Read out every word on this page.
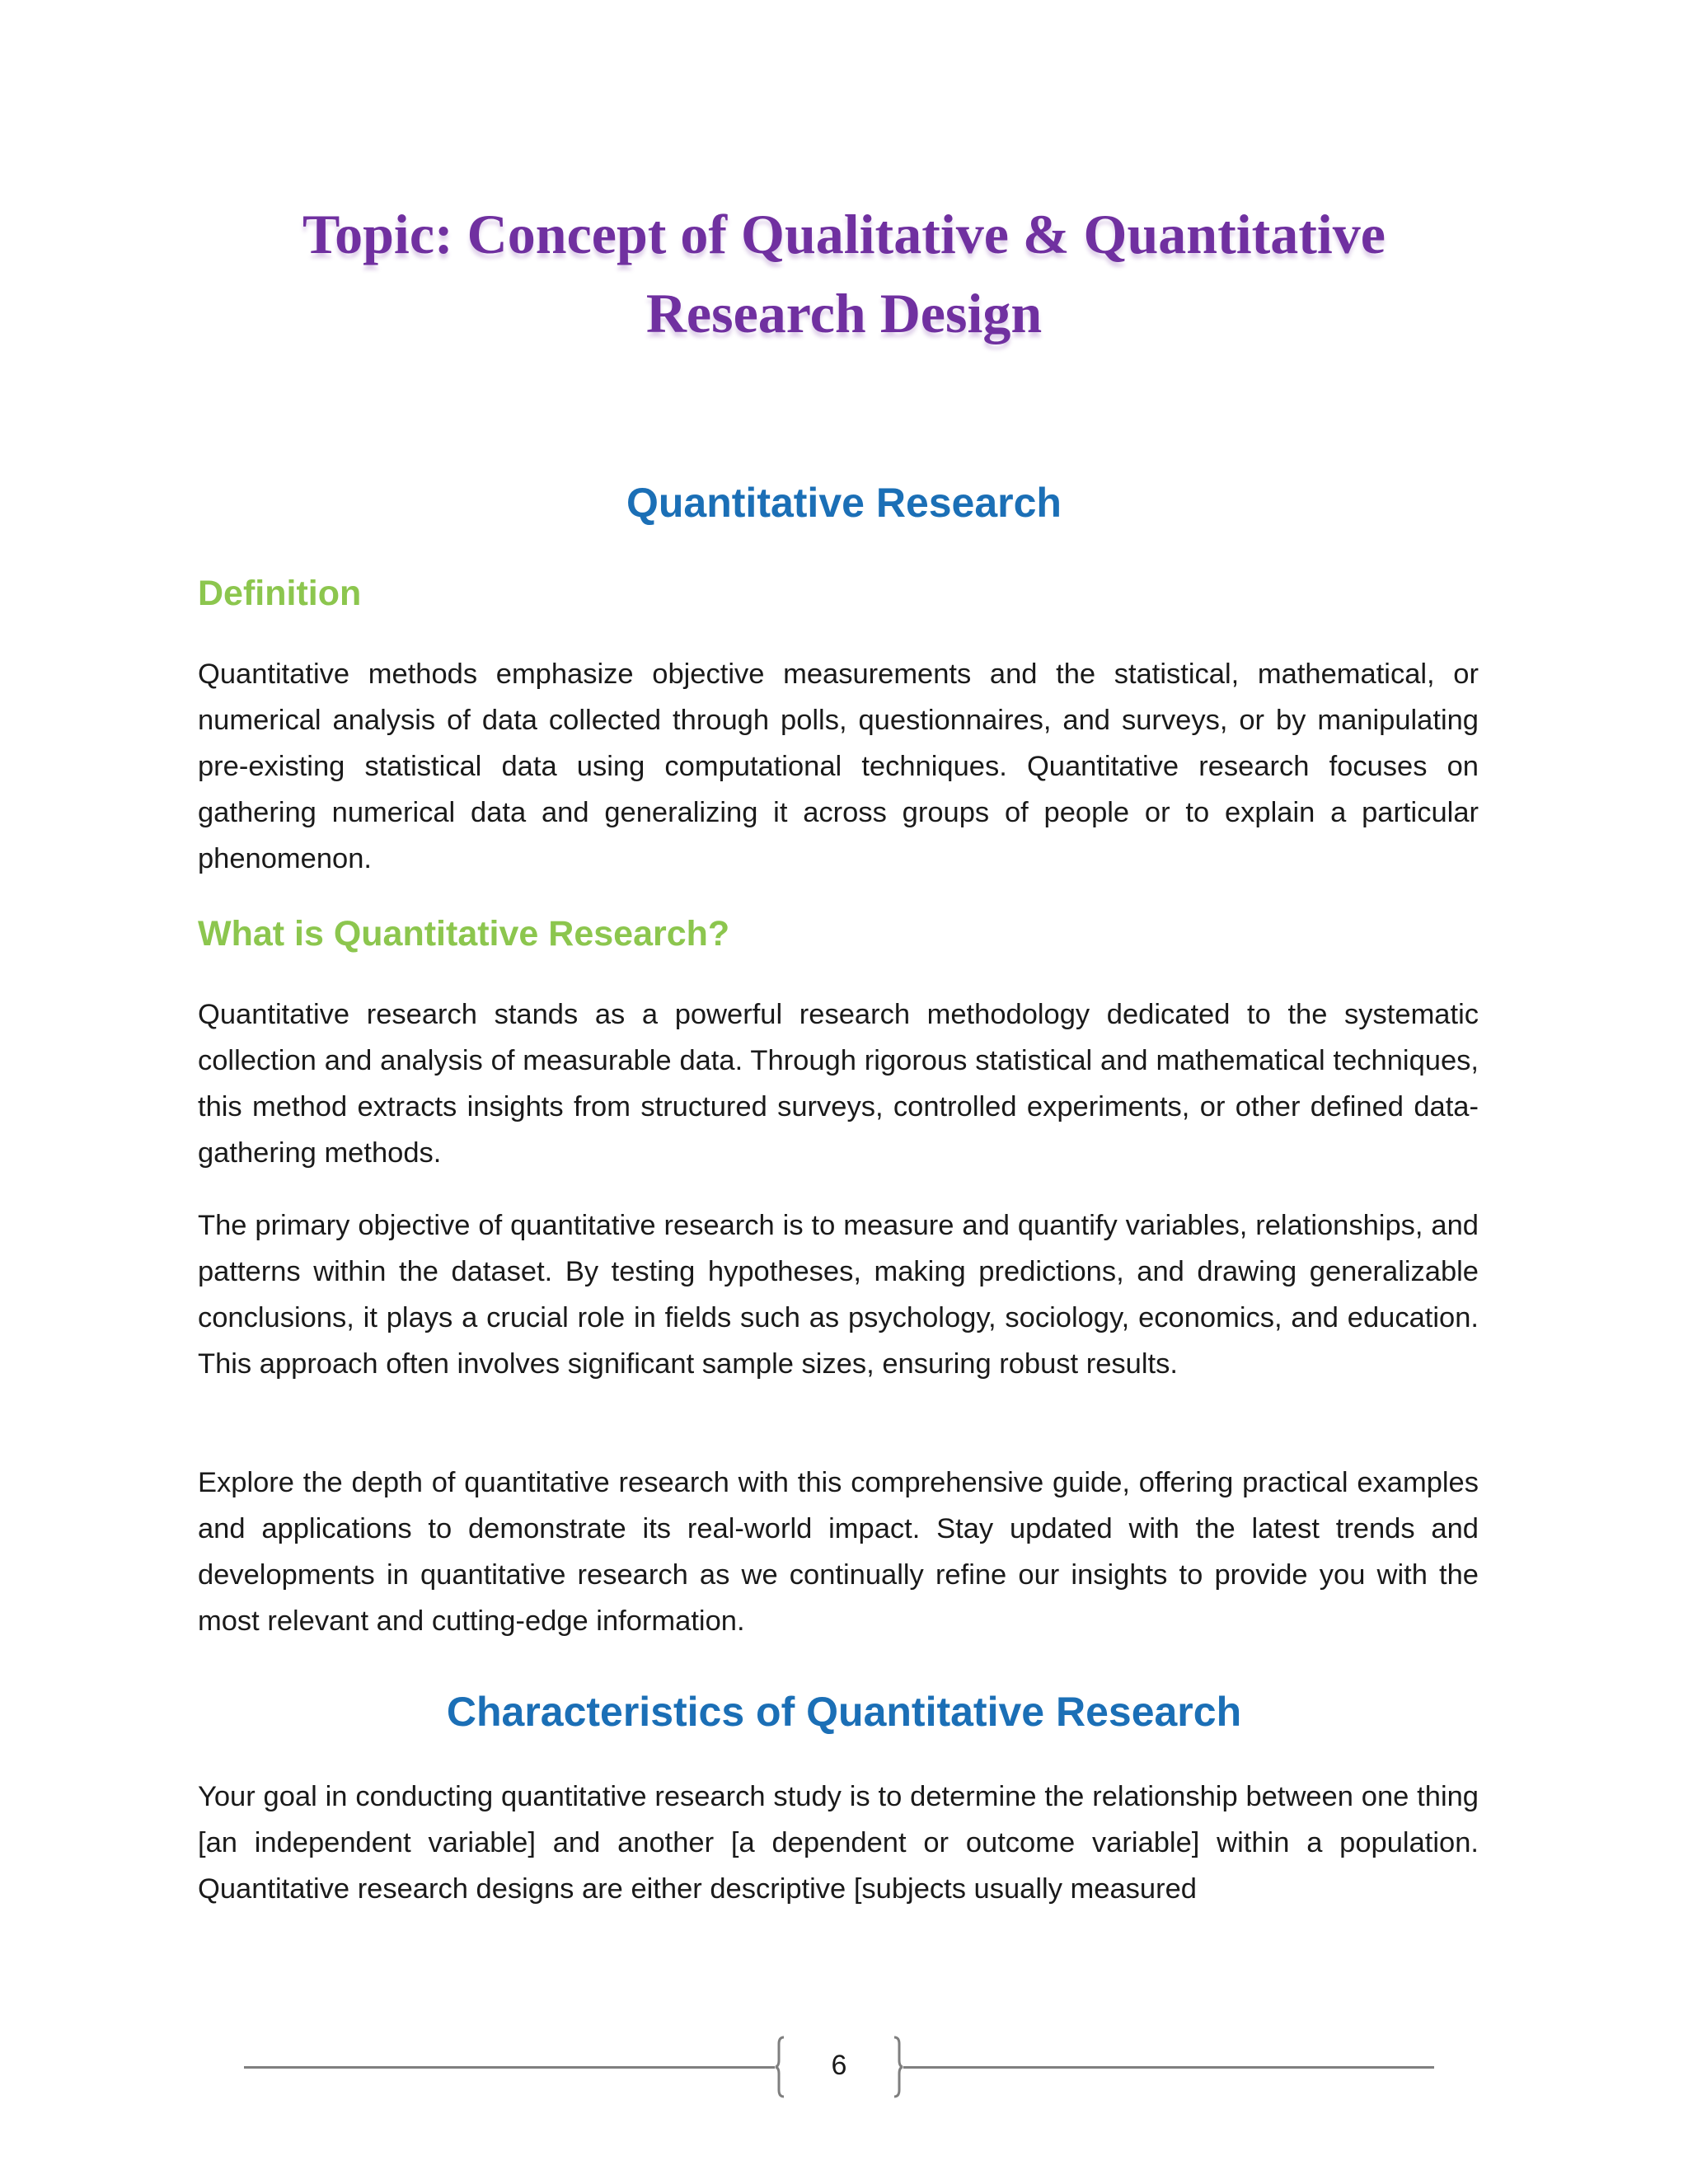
Topic: Concept of Qualitative & Quantitative
Research Design
Quantitative Research
Definition

Quantitative methods emphasize objective measurements and the statistical, mathematical, or numerical analysis of data collected through polls, questionnaires, and surveys, or by manipulating pre-existing statistical data using computational techniques. Quantitative research focuses on gathering numerical data and generalizing it across groups of people or to explain a particular phenomenon.

What is Quantitative Research?

Quantitative research stands as a powerful research methodology dedicated to the systematic collection and analysis of measurable data. Through rigorous statistical and mathematical techniques, this method extracts insights from structured surveys, controlled experiments, or other defined data-gathering methods.

The primary objective of quantitative research is to measure and quantify variables, relationships, and patterns within the dataset. By testing hypotheses, making predictions, and drawing generalizable conclusions, it plays a crucial role in fields such as psychology, sociology, economics, and education. This approach often involves significant sample sizes, ensuring robust results.

Explore the depth of quantitative research with this comprehensive guide, offering practical examples and applications to demonstrate its real-world impact. Stay updated with the latest trends and developments in quantitative research as we continually refine our insights to provide you with the most relevant and cutting-edge information.

Characteristics of Quantitative Research

Your goal in conducting quantitative research study is to determine the relationship between one thing [an independent variable] and another [a dependent or outcome variable] within a population. Quantitative research designs are either descriptive [subjects usually measured

6
